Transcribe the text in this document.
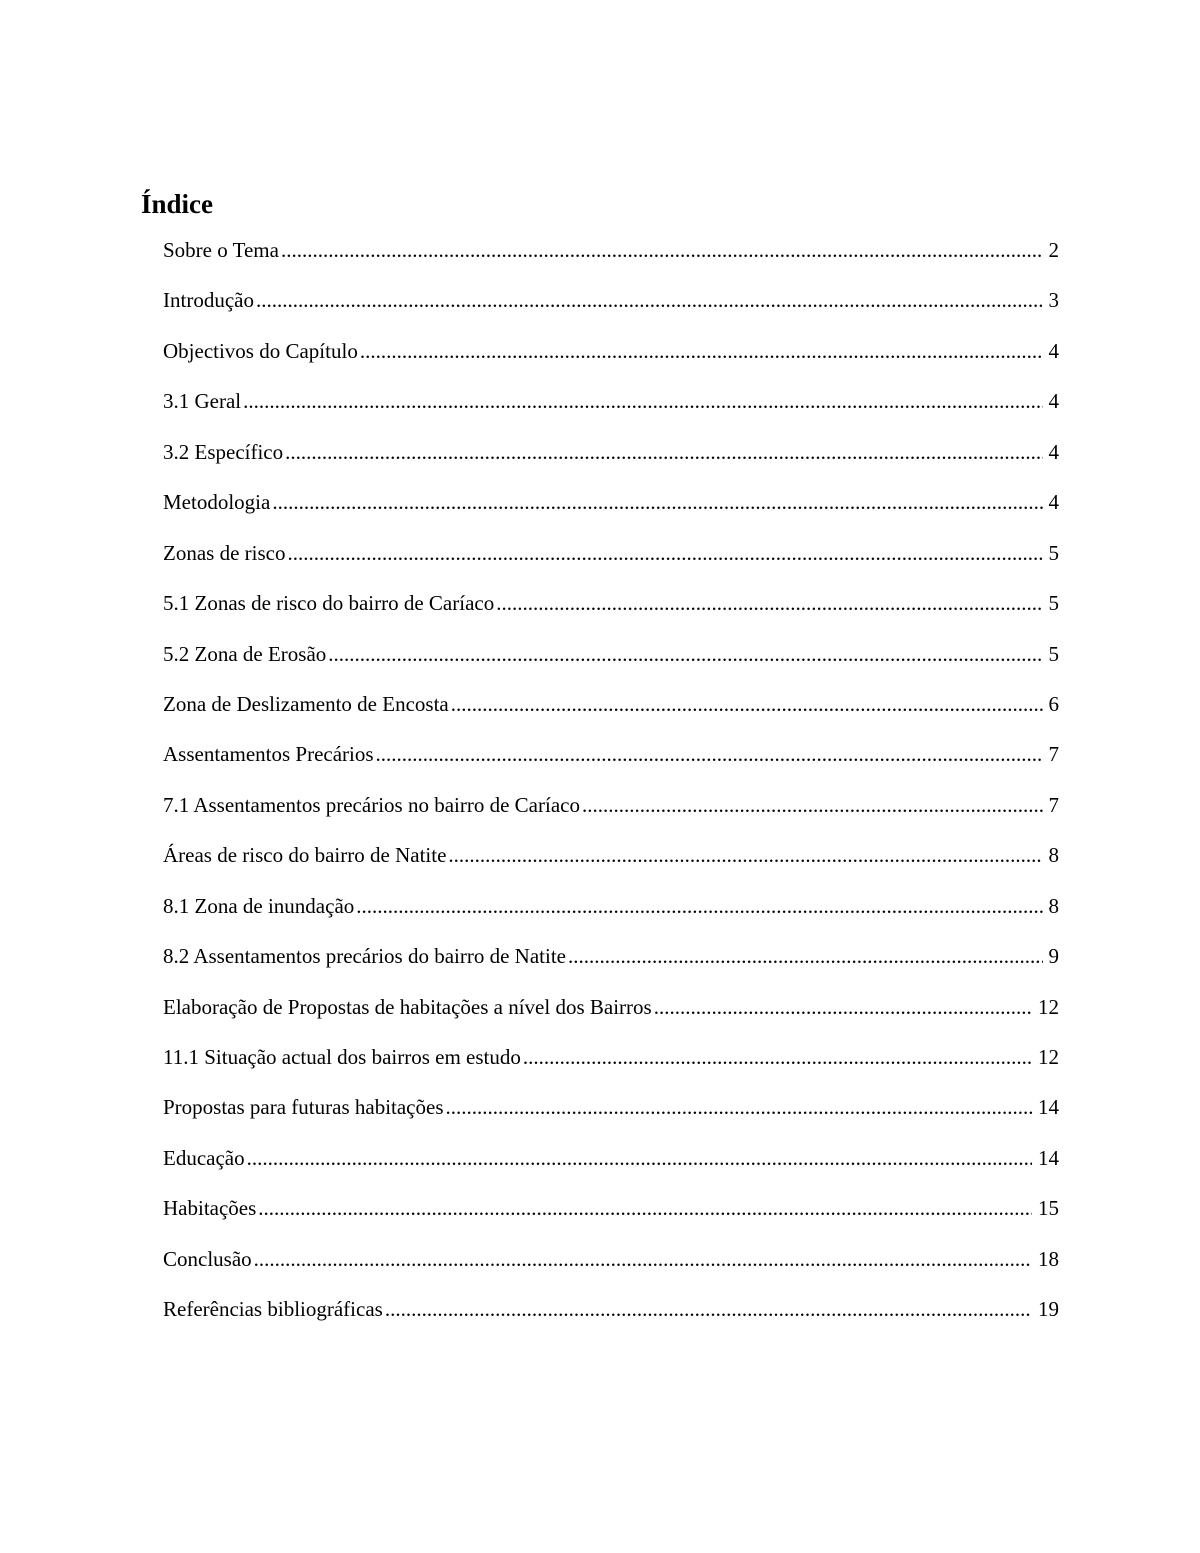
Índice
Sobre o Tema .....	2
Introdução .....	3
Objectivos do Capítulo .....	4
3.1 Geral .....	4
3.2 Específico .....	4
Metodologia .....	4
Zonas de risco .....	5
5.1 Zonas de risco do bairro de Caríaco .....	5
5.2 Zona de Erosão .....	5
Zona de Deslizamento de Encosta .....	6
Assentamentos Precários .....	7
7.1 Assentamentos precários no bairro de Caríaco .....	7
Áreas de risco do bairro de Natite .....	8
8.1 Zona de inundação .....	8
8.2 Assentamentos precários do bairro de Natite .....	9
Elaboração de Propostas de habitações a nível dos Bairros .....	12
11.1 Situação actual dos bairros em estudo .....	12
Propostas para futuras habitações .....	14
Educação .....	14
Habitações .....	15
Conclusão .....	18
Referências bibliográficas .....	19
